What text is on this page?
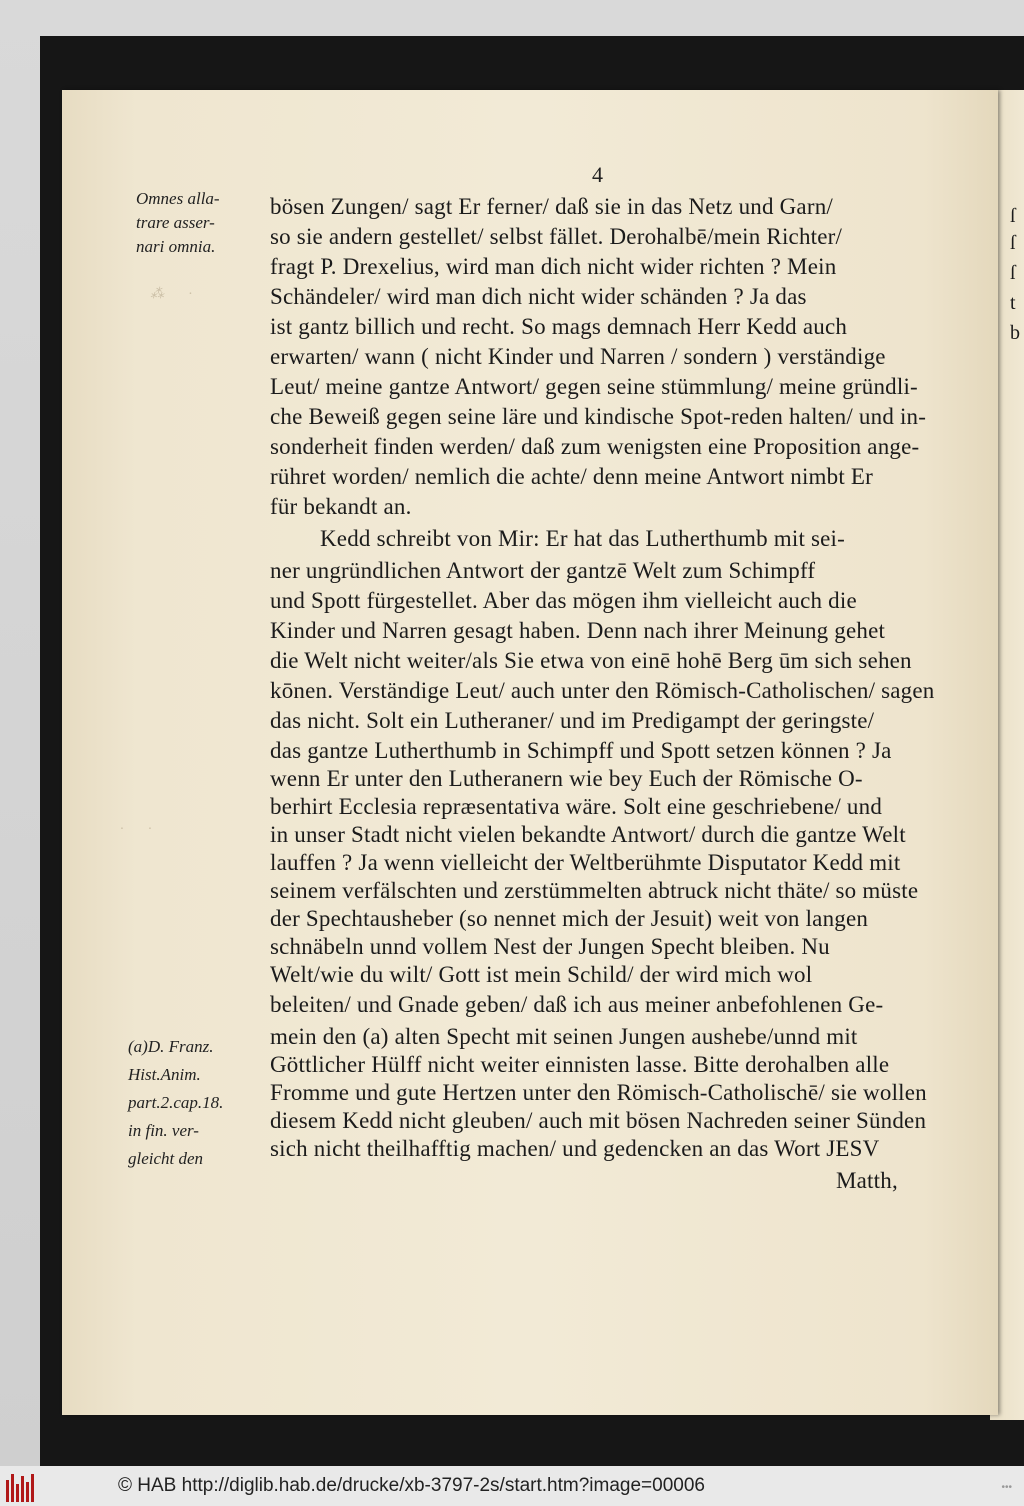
ſ
ſ
ſ
t
b
⁂       ·
·       ·
4
Omnes alla-
trare asser-
nari omnia.
(a)D. Franz.
Hist.Anim.
part.2.cap.18.
in fin. ver-
gleicht den
bösen Zungen/ sagt Er ferner/ daß sie in das Netz und Garn/
so sie andern gestellet/ selbst fället. Derohalbē/mein Richter/
fragt P. Drexelius, wird man dich nicht wider richten ? Mein
Schändeler/ wird man dich nicht wider schänden ? Ja das
ist gantz billich und recht. So mags demnach Herr Kedd auch
erwarten/ wann ( nicht Kinder und Narren / sondern ) verständige
Leut/ meine gantze Antwort/ gegen seine stümmlung/ meine gründli-
che Beweiß gegen seine läre und kindische Spot-reden halten/ und in-
sonderheit finden werden/ daß zum wenigsten eine Proposition ange-
rühret worden/ nemlich die achte/ denn meine Antwort nimbt Er
für bekandt an.
Kedd schreibt von Mir: Er hat das Lutherthumb mit sei-
ner ungründlichen Antwort der gantzē Welt zum Schimpff
und Spott fürgestellet. Aber das mögen ihm vielleicht auch die
Kinder und Narren gesagt haben. Denn nach ihrer Meinung gehet
die Welt nicht weiter/als Sie etwa von einē hohē Berg ūm sich sehen
kōnen. Verständige Leut/ auch unter den Römisch-Catholischen/ sagen
das nicht. Solt ein Lutheraner/ und im Predigampt der geringste/
das gantze Lutherthumb in Schimpff und Spott setzen können ? Ja
wenn Er unter den Lutheranern wie bey Euch der Römische O-
berhirt Ecclesia repræsentativa wäre. Solt eine geschriebene/ und
in unser Stadt nicht vielen bekandte Antwort/ durch die gantze Welt
lauffen ? Ja wenn vielleicht der Weltberühmte Disputator Kedd mit
seinem verfälschten und zerstümmelten abtruck nicht thäte/ so müste
der Spechtausheber (so nennet mich der Jesuit) weit von langen
schnäbeln unnd vollem Nest der Jungen Specht bleiben. Nu
Welt/wie du wilt/ Gott ist mein Schild/ der wird mich wol
beleiten/ und Gnade geben/ daß ich aus meiner anbefohlenen Ge-
mein den (a) alten Specht mit seinen Jungen aushebe/unnd mit
Göttlicher Hülff nicht weiter einnisten lasse. Bitte derohalben alle
Fromme und gute Hertzen unter den Römisch-Catholischē/ sie wollen
diesem Kedd nicht gleuben/ auch mit bösen Nachreden seiner Sünden
sich nicht theilhafftig machen/ und gedencken an das Wort JESV
Matth,
© HAB http://diglib.hab.de/drucke/xb-3797-2s/start.htm?image=00006	•••
